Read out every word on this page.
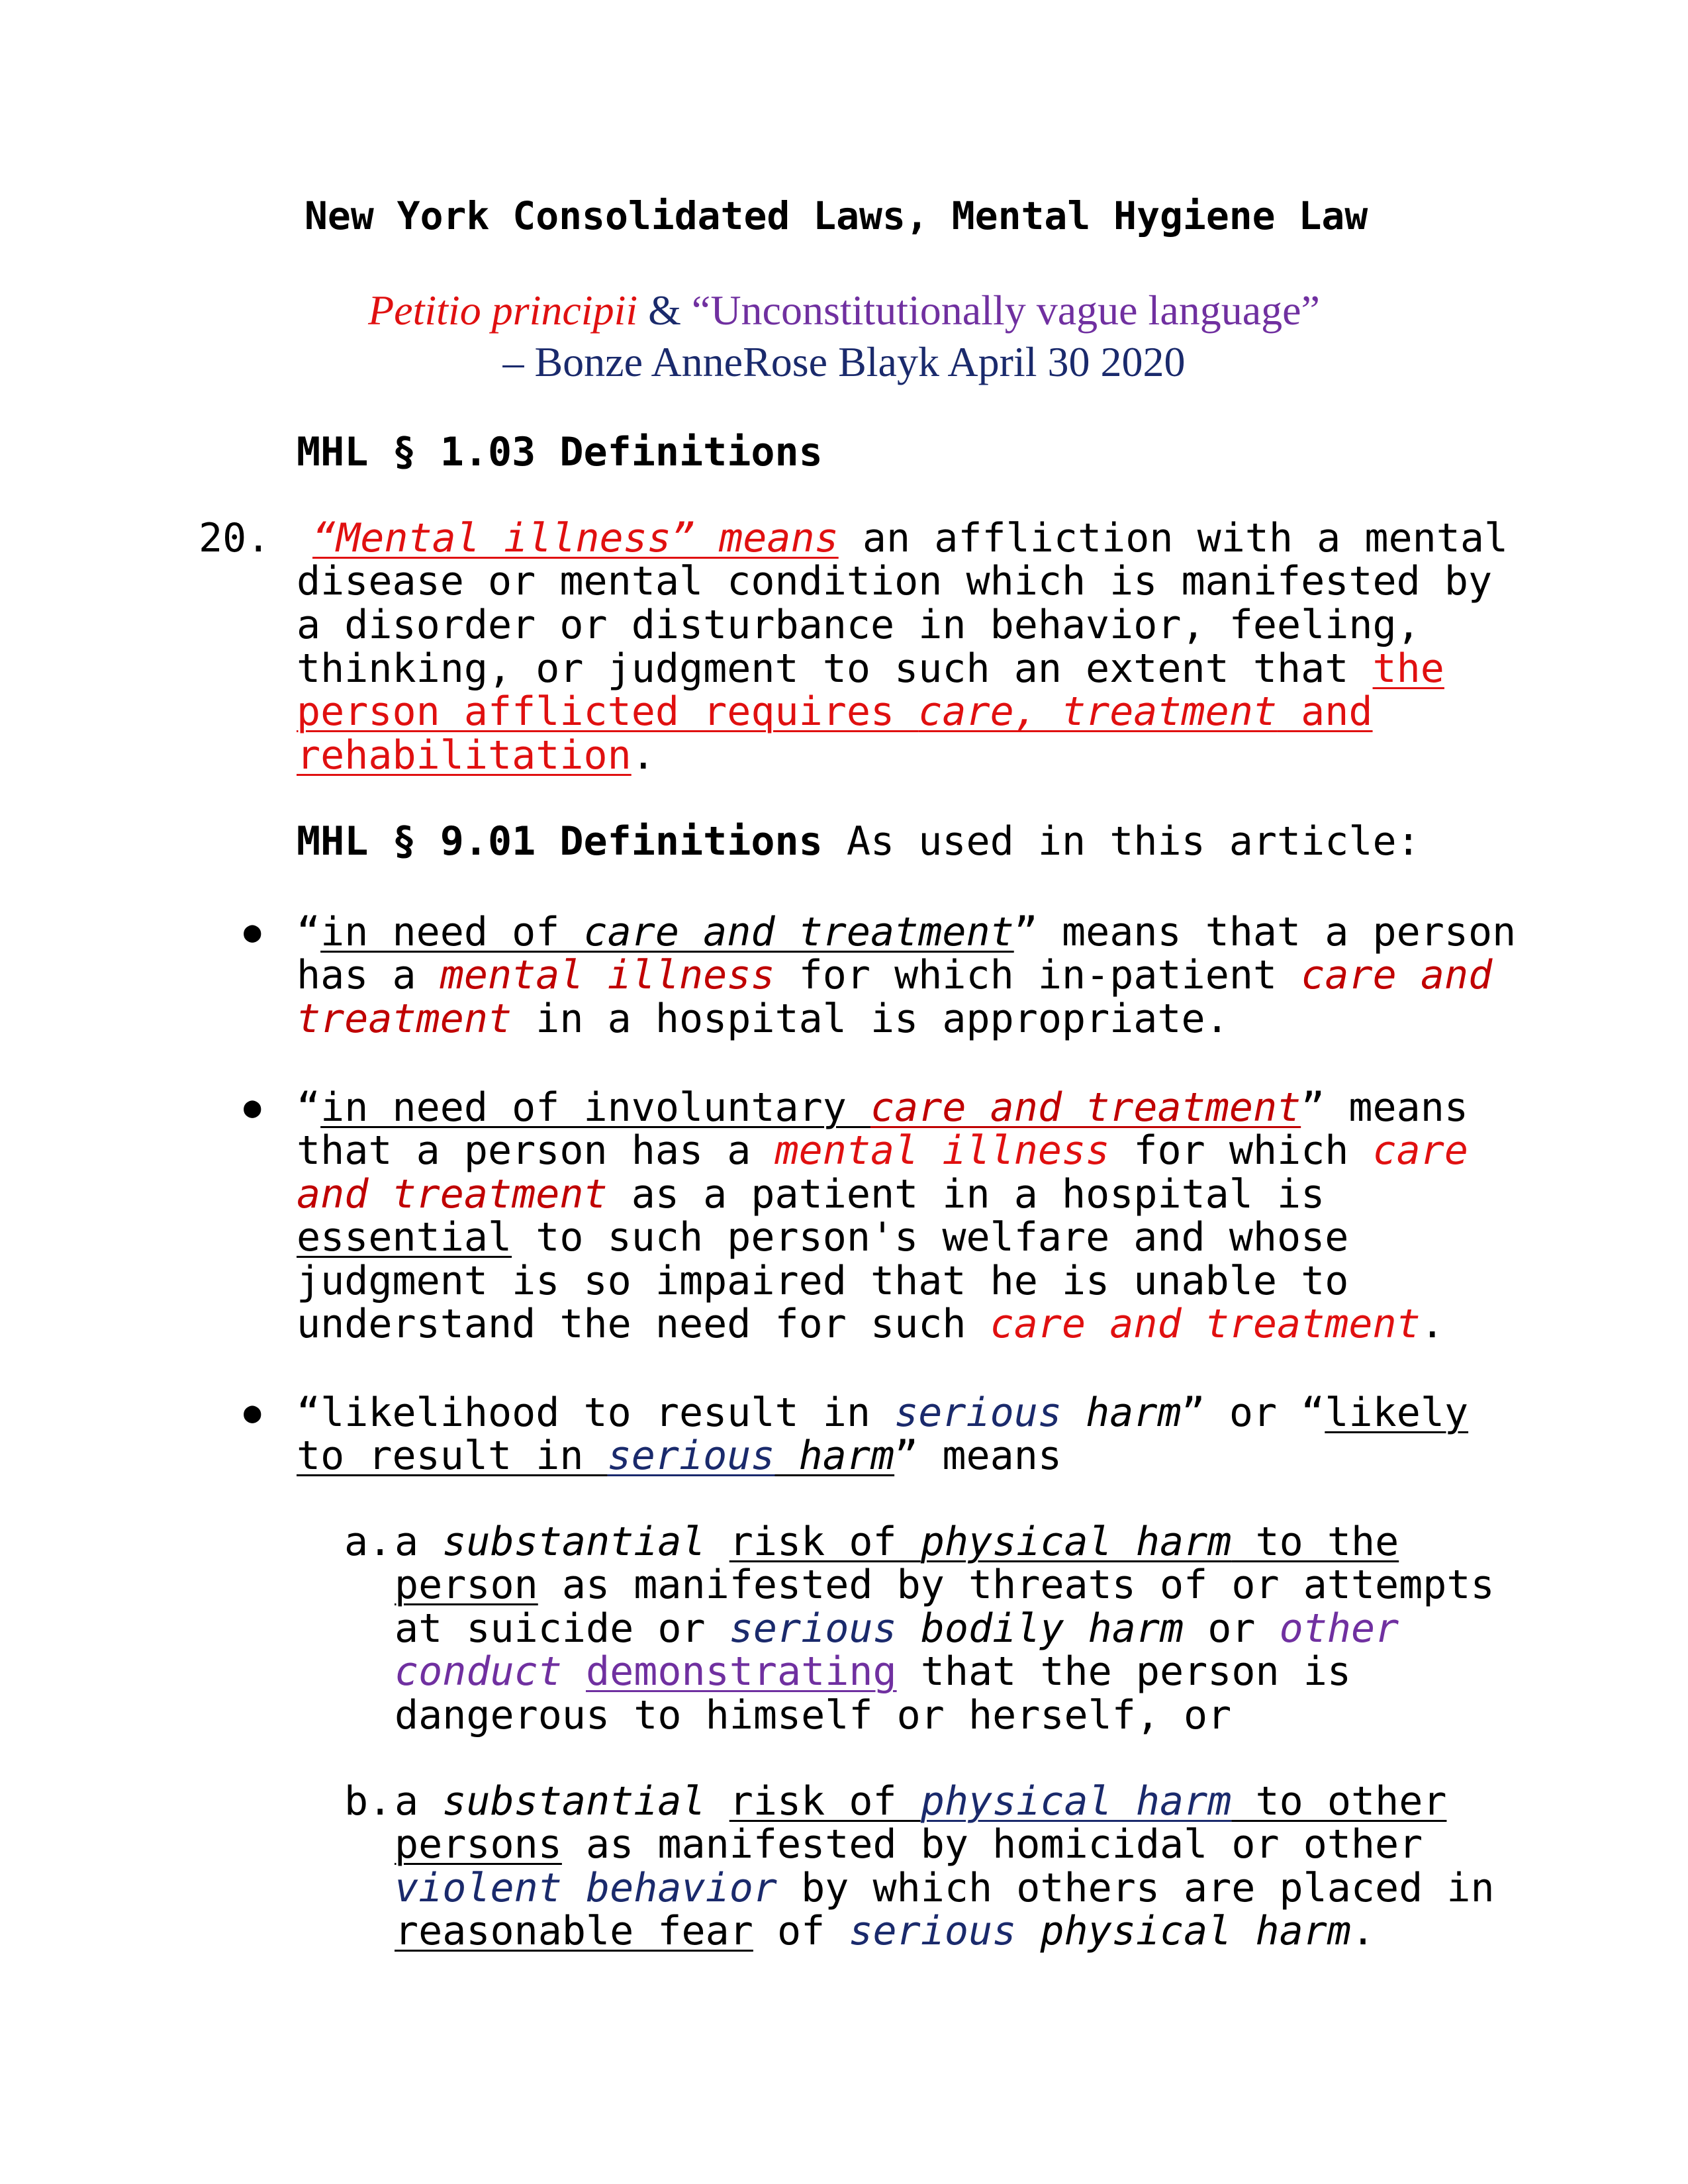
New York Consolidated Laws, Mental Hygiene Law
Petitio principii & “Unconstitutionally vague language”
– Bonze AnneRose Blayk April 30 2020
MHL § 1.03 Definitions
20.

“Mental illness” means an affliction with a mental

disease or mental condition which is manifested by

a disorder or disturbance in behavior, feeling,

thinking, or judgment to such an extent that the

person afflicted requires care, treatment and

rehabilitation.

MHL § 9.01 Definitions As used in this article:
●

“in need of care and treatment” means that a person

has a mental illness for which in-patient care and

treatment in a hospital is appropriate.

●

“in need of involuntary care and treatment” means

that a person has a mental illness for which care

and treatment as a patient in a hospital is

essential to such person's welfare and whose

judgment is so impaired that he is unable to

understand the need for such care and treatment.

●

“likelihood to result in serious harm” or “likely

to result in serious harm” means

a.

a substantial risk of physical harm to the

person as manifested by threats of or attempts

at suicide or serious bodily harm or other

conduct demonstrating that the person is

dangerous to himself or herself, or

b.

a substantial risk of physical harm to other

persons as manifested by homicidal or other

violent behavior by which others are placed in

reasonable fear of serious physical harm.
